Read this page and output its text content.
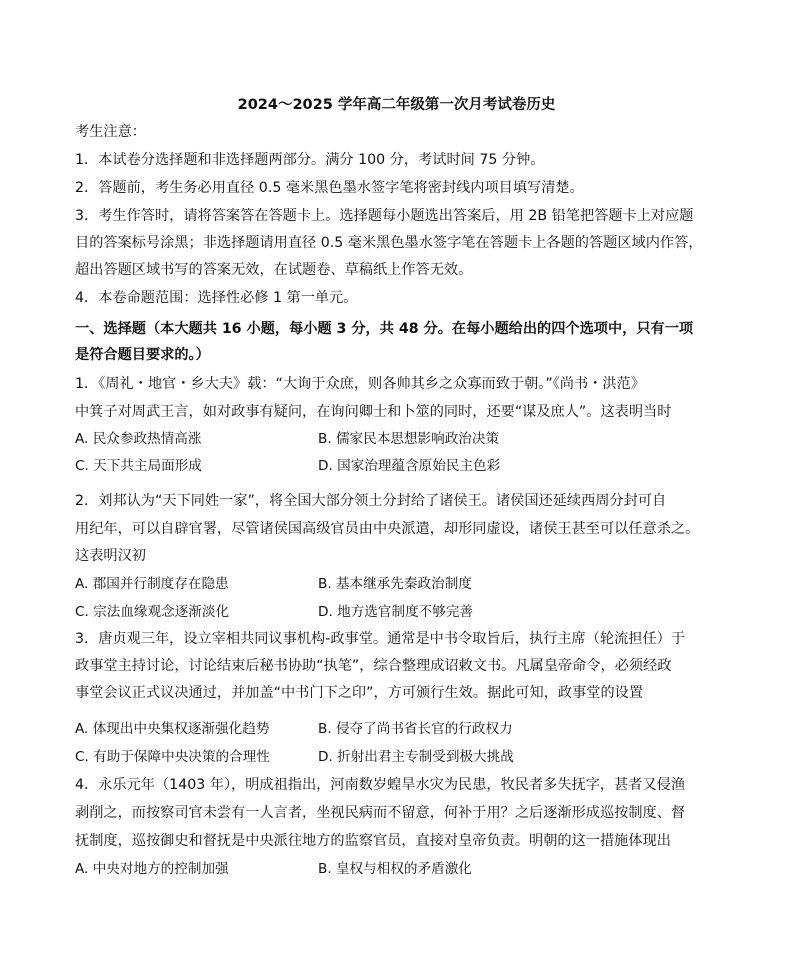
2024～2025 学年高二年级第一次月考试卷历史
考生注意：
1．本试卷分选择题和非选择题两部分。满分 100 分，考试时间 75 分钟。
2．答题前，考生务必用直径 0.5 毫米黑色墨水签字笔将密封线内项目填写清楚。
3．考生作答时，请将答案答在答题卡上。选择题每小题选出答案后，用 2B 铅笔把答题卡上对应题
目的答案标号涂黑；非选择题请用直径 0.5 毫米黑色墨水签字笔在答题卡上各题的答题区域内作答，
超出答题区域书写的答案无效，在试题卷、草稿纸上作答无效。
4．本卷命题范围：选择性必修 1 第一单元。
一、选择题（本大题共 16 小题，每小题 3 分，共 48 分。在每小题给出的四个选项中，只有一项
是符合题目要求的。）
1．《周礼・地官・乡大夫》载：“大询于众庶，则各帅其乡之众寡而致于朝。”《尚书・洪范》
中箕子对周武王言，如对政事有疑问，在询问卿士和卜筮的同时，还要“谋及庶人”。这表明当时
A. 民众参政热情高涨	B. 儒家民本思想影响政治决策
C. 天下共主局面形成	D. 国家治理蕴含原始民主色彩
2．刘邦认为“天下同姓一家”，将全国大部分领土分封给了诸侯王。诸侯国还延续西周分封可自
用纪年，可以自辟官署，尽管诸侯国高级官员由中央派遣，却形同虚设，诸侯王甚至可以任意杀之。
这表明汉初
A. 郡国并行制度存在隐患	B. 基本继承先秦政治制度
C. 宗法血缘观念逐渐淡化	D. 地方选官制度不够完善
3．唐贞观三年，设立宰相共同议事机构-政事堂。通常是中书令取旨后，执行主席（轮流担任）于
政事堂主持讨论，讨论结束后秘书协助“执笔”，综合整理成诏敕文书。凡属皇帝命令，必须经政
事堂会议正式议决通过，并加盖“中书门下之印”，方可颁行生效。据此可知，政事堂的设置
A. 体现出中央集权逐渐强化趋势	B. 侵夺了尚书省长官的行政权力
C. 有助于保障中央决策的合理性	D. 折射出君主专制受到极大挑战
4．永乐元年（1403 年），明成祖指出，河南数岁蝗旱水灾为民患，牧民者多失抚字，甚者又侵渔
剥削之，而按察司官未尝有一人言者，坐视民病而不留意，何补于用？之后逐渐形成巡按制度、督
抚制度，巡按御史和督抚是中央派往地方的监察官员，直接对皇帝负责。明朝的这一措施体现出
A. 中央对地方的控制加强	B. 皇权与相权的矛盾激化
